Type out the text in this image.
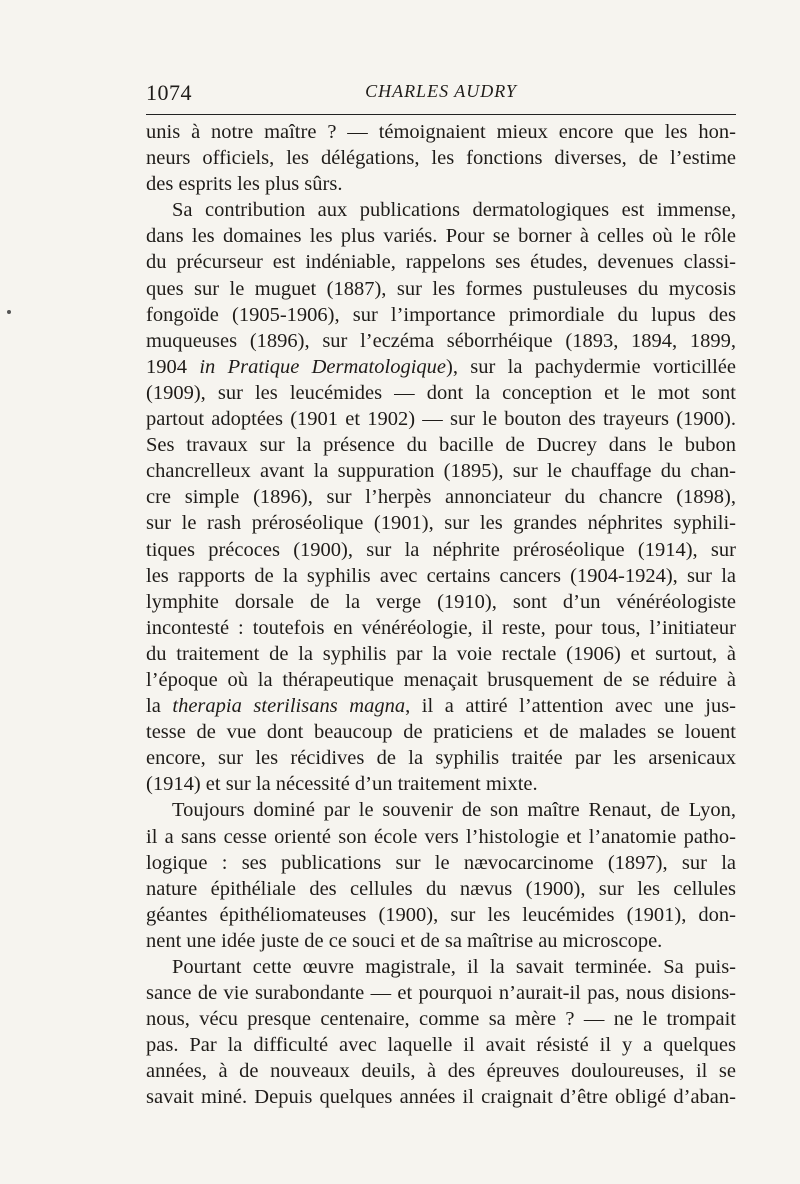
1074	CHARLES AUDRY
unis à notre maître ? — témoignaient mieux encore que les hon-
neurs officiels, les délégations, les fonctions diverses, de l’estime
des esprits les plus sûrs.
Sa contribution aux publications dermatologiques est immense,
dans les domaines les plus variés. Pour se borner à celles où le rôle
du précurseur est indéniable, rappelons ses études, devenues classi-
ques sur le muguet (1887), sur les formes pustuleuses du mycosis
fongoïde (1905-1906), sur l’importance primordiale du lupus des
muqueuses (1896), sur l’eczéma séborrhéique (1893, 1894, 1899,
1904 in Pratique Dermatologique), sur la pachydermie vorticillée
(1909), sur les leucémides — dont la conception et le mot sont
partout adoptées (1901 et 1902) — sur le bouton des trayeurs (1900).
Ses travaux sur la présence du bacille de Ducrey dans le bubon
chancrelleux avant la suppuration (1895), sur le chauffage du chan-
cre simple (1896), sur l’herpès annonciateur du chancre (1898),
sur le rash préroséolique (1901), sur les grandes néphrites syphili-
tiques précoces (1900), sur la néphrite préroséolique (1914), sur
les rapports de la syphilis avec certains cancers (1904-1924), sur la
lymphite dorsale de la verge (1910), sont d’un vénéréologiste
incontesté : toutefois en vénéréologie, il reste, pour tous, l’initiateur
du traitement de la syphilis par la voie rectale (1906) et surtout, à
l’époque où la thérapeutique menaçait brusquement de se réduire à
la therapia sterilisans magna, il a attiré l’attention avec une jus-
tesse de vue dont beaucoup de praticiens et de malades se louent
encore, sur les récidives de la syphilis traitée par les arsenicaux
(1914) et sur la nécessité d’un traitement mixte.
Toujours dominé par le souvenir de son maître Renaut, de Lyon,
il a sans cesse orienté son école vers l’histologie et l’anatomie patho-
logique : ses publications sur le nævocarcinome (1897), sur la
nature épithéliale des cellules du nævus (1900), sur les cellules
géantes épithéliomateuses (1900), sur les leucémides (1901), don-
nent une idée juste de ce souci et de sa maîtrise au microscope.
Pourtant cette œuvre magistrale, il la savait terminée. Sa puis-
sance de vie surabondante — et pourquoi n’aurait-il pas, nous disions-
nous, vécu presque centenaire, comme sa mère ? — ne le trompait
pas. Par la difficulté avec laquelle il avait résisté il y a quelques
années, à de nouveaux deuils, à des épreuves douloureuses, il se
savait miné. Depuis quelques années il craignait d’être obligé d’aban-
